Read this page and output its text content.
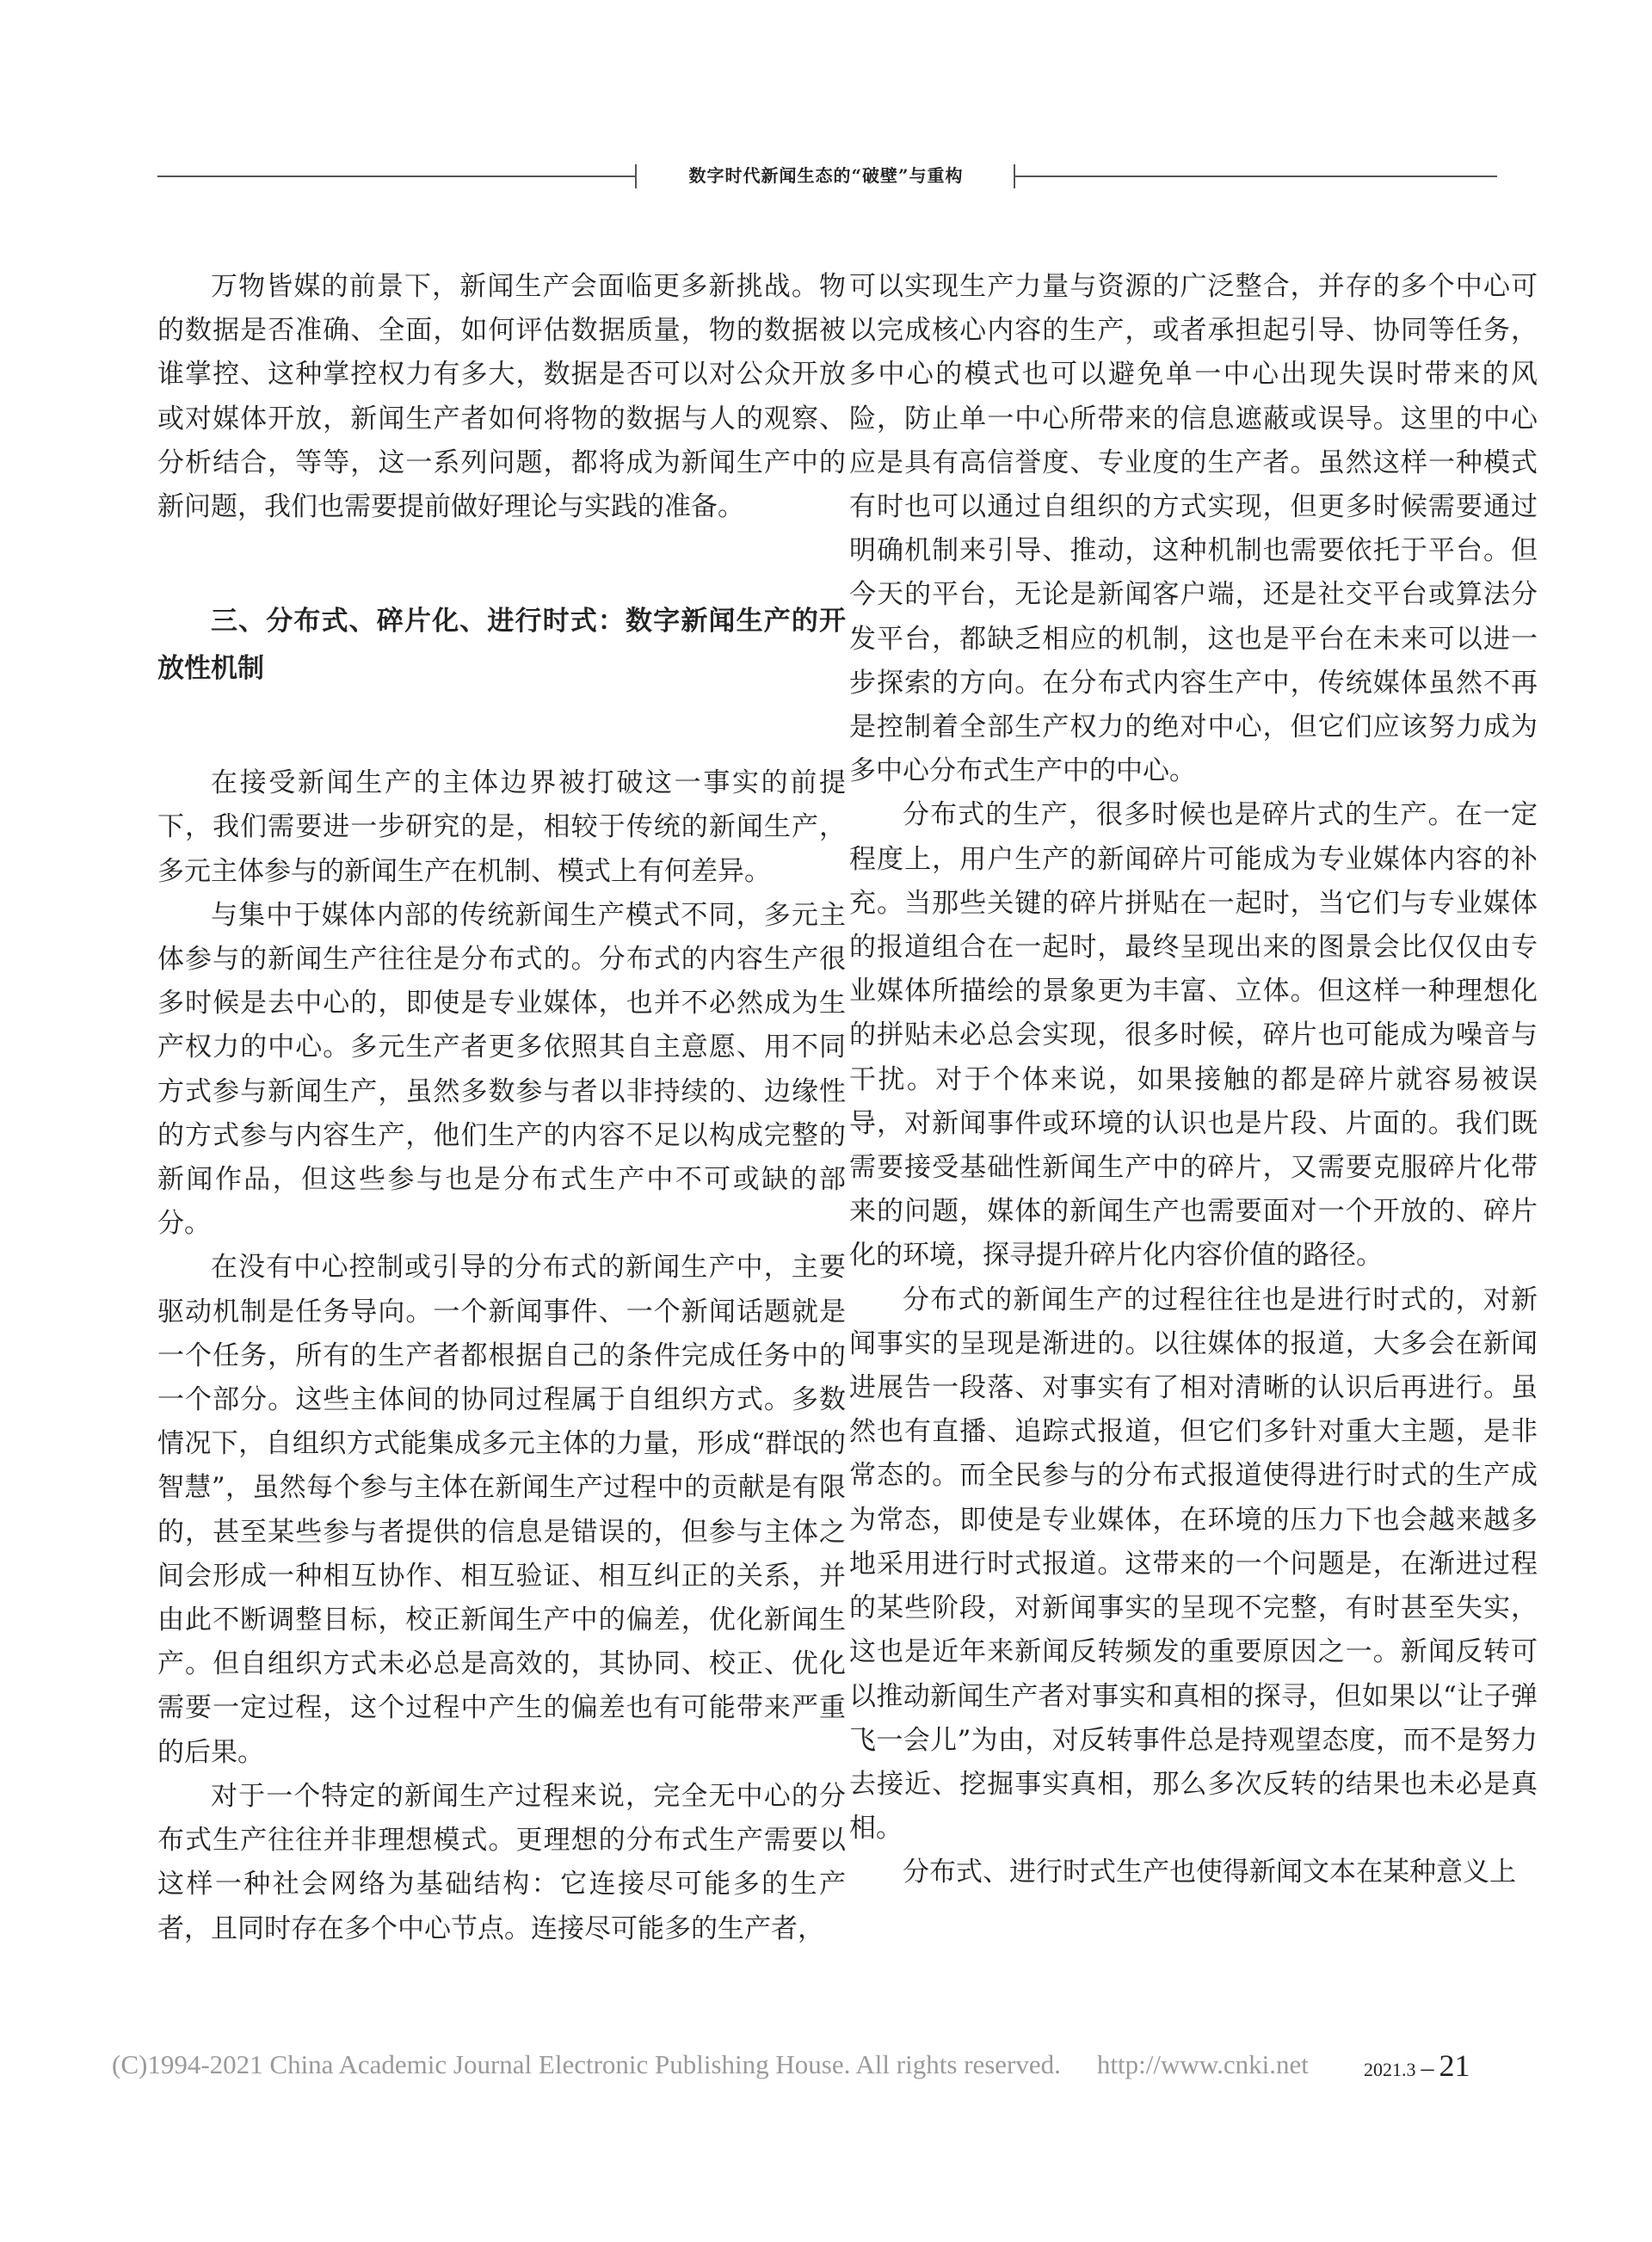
数字时代新闻生态的“破壁”与重构

万物皆媒的前景下，新闻生产会面临更多新挑战。物的数据是否准确、全面，如何评估数据质量，物的数据被谁掌控、这种掌控权力有多大，数据是否可以对公众开放或对媒体开放，新闻生产者如何将物的数据与人的观察、分析结合，等等，这一系列问题，都将成为新闻生产中的新问题，我们也需要提前做好理论与实践的准备。

三、分布式、碎片化、进行时式：数字新闻生产的开放性机制

在接受新闻生产的主体边界被打破这一事实的前提下，我们需要进一步研究的是，相较于传统的新闻生产，多元主体参与的新闻生产在机制、模式上有何差异。

与集中于媒体内部的传统新闻生产模式不同，多元主体参与的新闻生产往往是分布式的。分布式的内容生产很多时候是去中心的，即使是专业媒体，也并不必然成为生产权力的中心。多元生产者更多依照其自主意愿、用不同方式参与新闻生产，虽然多数参与者以非持续的、边缘性的方式参与内容生产，他们生产的内容不足以构成完整的新闻作品，但这些参与也是分布式生产中不可或缺的部分。

在没有中心控制或引导的分布式的新闻生产中，主要驱动机制是任务导向。一个新闻事件、一个新闻话题就是一个任务，所有的生产者都根据自己的条件完成任务中的一个部分。这些主体间的协同过程属于自组织方式。多数情况下，自组织方式能集成多元主体的力量，形成“群氓的智慧”，虽然每个参与主体在新闻生产过程中的贡献是有限的，甚至某些参与者提供的信息是错误的，但参与主体之间会形成一种相互协作、相互验证、相互纠正的关系，并由此不断调整目标，校正新闻生产中的偏差，优化新闻生产。但自组织方式未必总是高效的，其协同、校正、优化需要一定过程，这个过程中产生的偏差也有可能带来严重的后果。

对于一个特定的新闻生产过程来说，完全无中心的分布式生产往往并非理想模式。更理想的分布式生产需要以这样一种社会网络为基础结构：它连接尽可能多的生产者，且同时存在多个中心节点。连接尽可能多的生产者，

可以实现生产力量与资源的广泛整合，并存的多个中心可以完成核心内容的生产，或者承担起引导、协同等任务，多中心的模式也可以避免单一中心出现失误时带来的风险，防止单一中心所带来的信息遮蔽或误导。这里的中心应是具有高信誉度、专业度的生产者。虽然这样一种模式有时也可以通过自组织的方式实现，但更多时候需要通过明确机制来引导、推动，这种机制也需要依托于平台。但今天的平台，无论是新闻客户端，还是社交平台或算法分发平台，都缺乏相应的机制，这也是平台在未来可以进一步探索的方向。在分布式内容生产中，传统媒体虽然不再是控制着全部生产权力的绝对中心，但它们应该努力成为多中心分布式生产中的中心。

分布式的生产，很多时候也是碎片式的生产。在一定程度上，用户生产的新闻碎片可能成为专业媒体内容的补充。当那些关键的碎片拼贴在一起时，当它们与专业媒体的报道组合在一起时，最终呈现出来的图景会比仅仅由专业媒体所描绘的景象更为丰富、立体。但这样一种理想化的拼贴未必总会实现，很多时候，碎片也可能成为噪音与干扰。对于个体来说，如果接触的都是碎片就容易被误导，对新闻事件或环境的认识也是片段、片面的。我们既需要接受基础性新闻生产中的碎片，又需要克服碎片化带来的问题，媒体的新闻生产也需要面对一个开放的、碎片化的环境，探寻提升碎片化内容价值的路径。

分布式的新闻生产的过程往往也是进行时式的，对新闻事实的呈现是渐进的。以往媒体的报道，大多会在新闻进展告一段落、对事实有了相对清晰的认识后再进行。虽然也有直播、追踪式报道，但它们多针对重大主题，是非常态的。而全民参与的分布式报道使得进行时式的生产成为常态，即使是专业媒体，在环境的压力下也会越来越多地采用进行时式报道。这带来的一个问题是，在渐进过程的某些阶段，对新闻事实的呈现不完整，有时甚至失实，这也是近年来新闻反转频发的重要原因之一。新闻反转可以推动新闻生产者对事实和真相的探寻，但如果以“让子弹飞一会儿”为由，对反转事件总是持观望态度，而不是努力去接近、挖掘事实真相，那么多次反转的结果也未必是真相。

分布式、进行时式生产也使得新闻文本在某种意义上

(C)1994-2021 China Academic Journal Electronic Publishing House. All rights reserved. http://www.cnki.net	2021.3 – 21
